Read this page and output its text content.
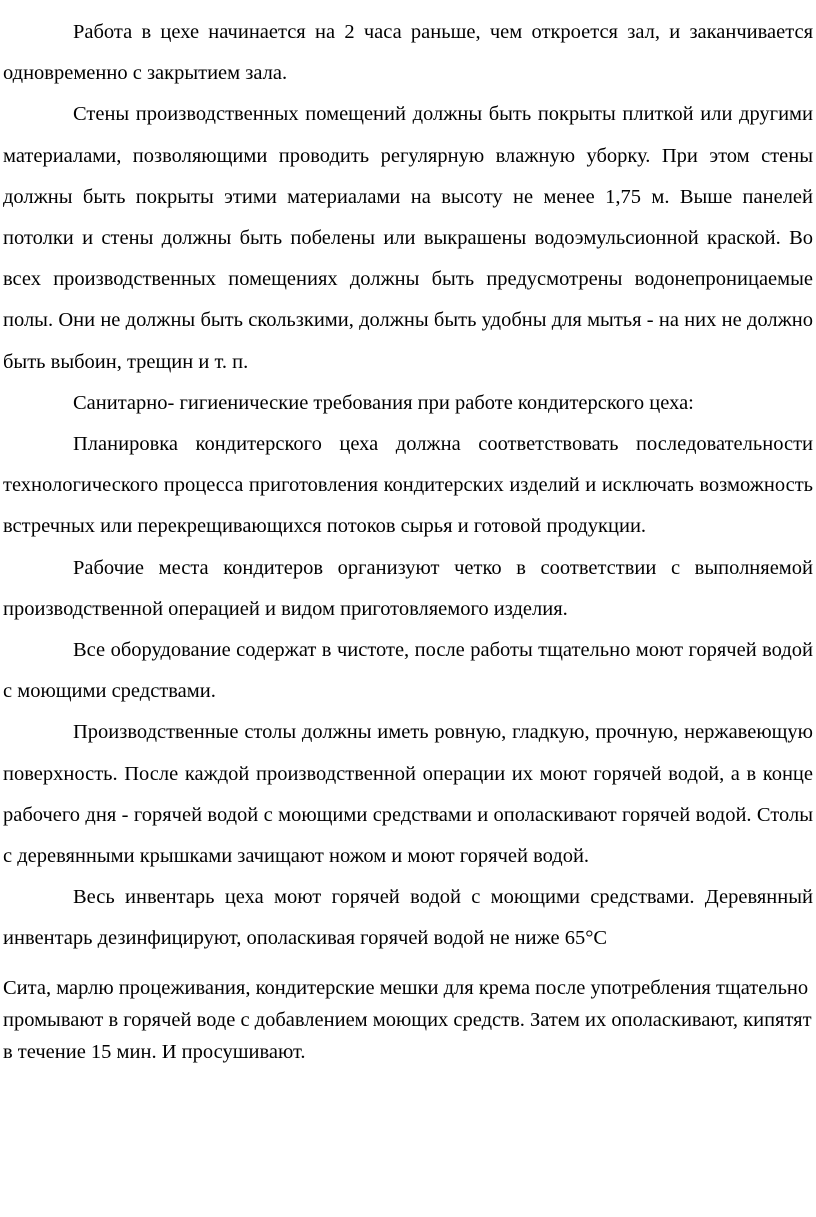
Работа в цехе начинается на 2 часа раньше, чем откроется зал, и заканчивается одновременно с закрытием зала.

Стены производственных помещений должны быть покрыты плиткой или другими материалами, позволяющими проводить регулярную влажную уборку. При этом стены должны быть покрыты этими материалами на высоту не менее 1,75 м. Выше панелей потолки и стены должны быть побелены или выкрашены водоэмульсионной краской. Во всех производственных помещениях должны быть предусмотрены водонепроницаемые полы. Они не должны быть скользкими, должны быть удобны для мытья - на них не должно быть выбоин, трещин и т. п.

Санитарно- гигиенические требования при работе кондитерского цеха:

Планировка кондитерского цеха должна соответствовать последовательности технологического процесса приготовления кондитерских изделий и исключать возможность встречных или перекрещивающихся потоков сырья и готовой продукции.

Рабочие места кондитеров организуют четко в соответствии с выполняемой производственной операцией и видом приготовляемого изделия.

Все оборудование содержат в чистоте, после работы тщательно моют горячей водой с моющими средствами.

Производственные столы должны иметь ровную, гладкую, прочную, нержавеющую поверхность. После каждой производственной операции их моют горячей водой, а в конце рабочего дня - горячей водой с моющими средствами и ополаскивают горячей водой. Столы с деревянными крышками зачищают ножом и моют горячей водой.

Весь инвентарь цеха моют горячей водой с моющими средствами. Деревянный инвентарь дезинфицируют, ополаскивая горячей водой не ниже 65°С

Сита, марлю процеживания, кондитерские мешки для крема после употребления тщательно промывают в горячей воде с добавлением моющих средств. Затем их ополаскивают, кипятят в течение 15 мин. И просушивают.
